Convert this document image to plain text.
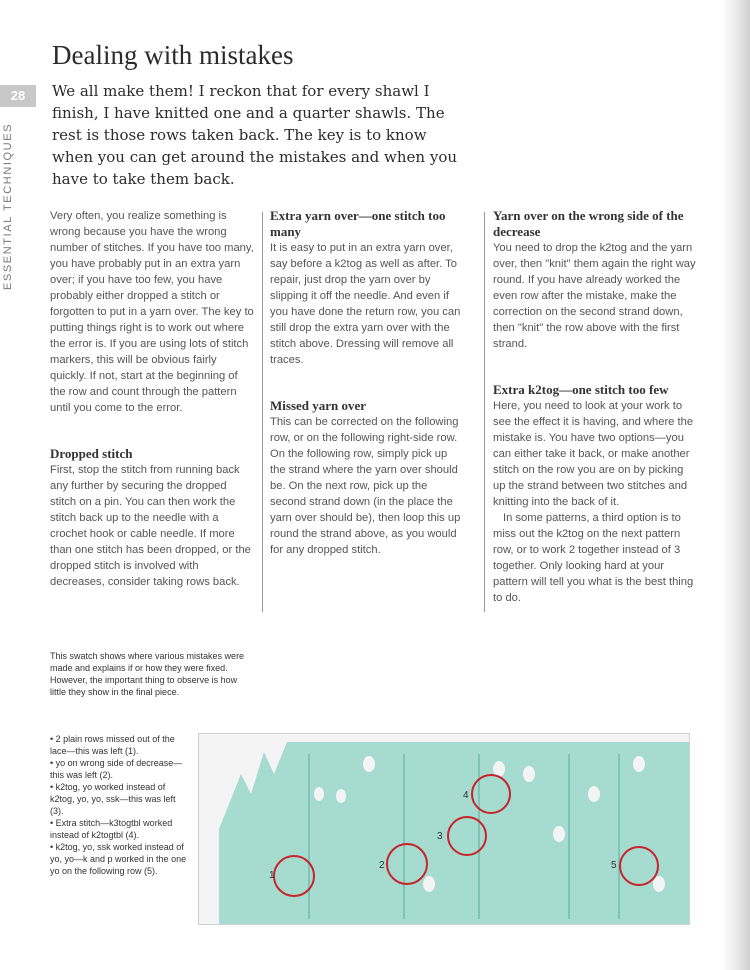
28
ESSENTIAL TECHNIQUES
Dealing with mistakes

We all make them! I reckon that for every shawl I finish, I have knitted one and a quarter shawls. The rest is those rows taken back. The key is to know when you can get around the mistakes and when you have to take them back.

Very often, you realize something is wrong because you have the wrong number of stitches. If you have too many, you have probably put in an extra yarn over; if you have too few, you have probably either dropped a stitch or forgotten to put in a yarn over. The key to putting things right is to work out where the error is. If you are using lots of stitch markers, this will be obvious fairly quickly. If not, start at the beginning of the row and count through the pattern until you come to the error.

Dropped stitch

First, stop the stitch from running back any further by securing the dropped stitch on a pin. You can then work the stitch back up to the needle with a crochet hook or cable needle. If more than one stitch has been dropped, or the dropped stitch is involved with decreases, consider taking rows back.

Extra yarn over—one stitch too many

It is easy to put in an extra yarn over, say before a k2tog as well as after. To repair, just drop the yarn over by slipping it off the needle. And even if you have done the return row, you can still drop the extra yarn over with the stitch above. Dressing will remove all traces.

Missed yarn over

This can be corrected on the following row, or on the following right-side row. On the following row, simply pick up the strand where the yarn over should be. On the next row, pick up the second strand down (in the place the yarn over should be), then loop this up round the strand above, as you would for any dropped stitch.

Yarn over on the wrong side of the decrease

You need to drop the k2tog and the yarn over, then "knit" them again the right way round. If you have already worked the even row after the mistake, make the correction on the second strand down, then "knit" the row above with the first strand.

Extra k2tog—one stitch too few

Here, you need to look at your work to see the effect it is having, and where the mistake is. You have two options—you can either take it back, or make another stitch on the row you are on by picking up the strand between two stitches and knitting into the back of it.

In some patterns, a third option is to miss out the k2tog on the next pattern row, or to work 2 together instead of 3 together. Only looking hard at your pattern will tell you what is the best thing to do.

This swatch shows where various mistakes were made and explains if or how they were fixed. However, the important thing to observe is how little they show in the final piece.

• 2 plain rows missed out of the lace—this was left (1).
• yo on wrong side of decrease—this was left (2).
• k2tog, yo worked instead of k2tog, yo, yo, ssk—this was left (3).
• Extra stitch—k3togtbl worked instead of k2togtbl (4).
• k2tog, yo, ssk worked instead of yo, yo—k and p worked in the one yo on the following row (5).	1
2
3
4
5
